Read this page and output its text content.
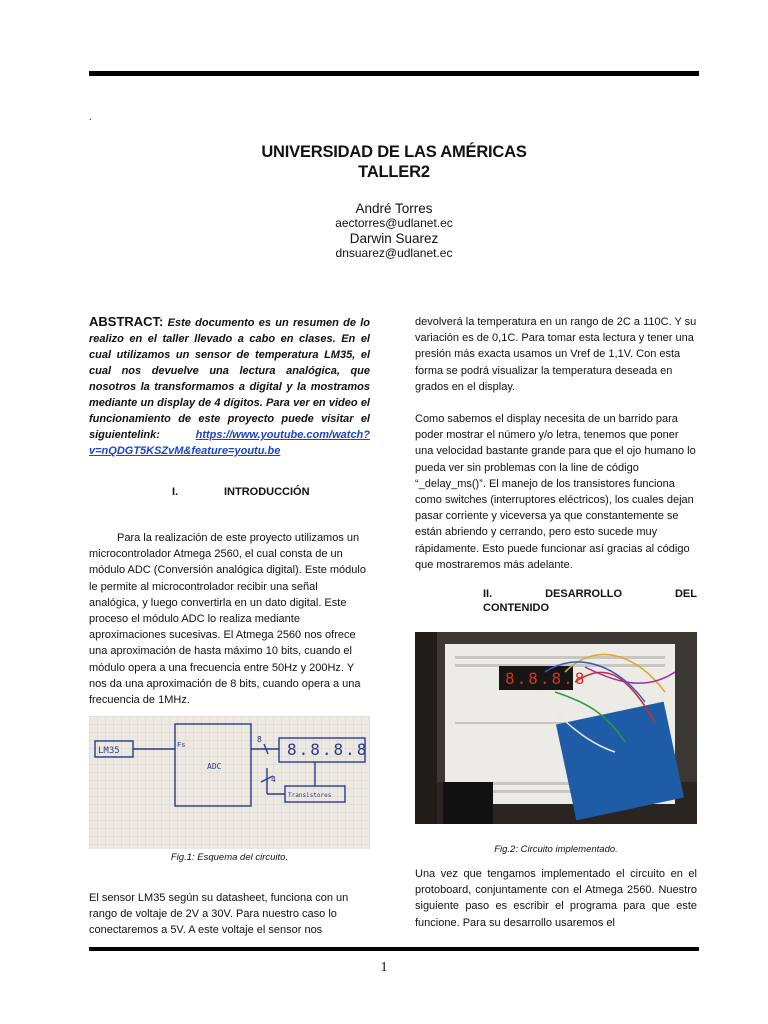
.
UNIVERSIDAD DE LAS AMÉRICAS
TALLER2
André Torres
aectorres@udlanet.ec
Darwin Suarez
dnsuarez@udlanet.ec
ABSTRACT: Este documento es un resumen de lo realizo en el taller llevado a cabo en clases. En el cual utilizamos un sensor de temperatura LM35, el cual nos devuelve una lectura analógica, que nosotros la transformamos a digital y la mostramos mediante un display de 4 dígitos. Para ver en video el funcionamiento de este proyecto puede visitar el siguientelink:	https://www.youtube.com/watch?v=nQDGT5KSZvM&feature=youtu.be
I.	INTRODUCCIÓN
Para la realización de este proyecto utilizamos un microcontrolador Atmega 2560, el cual consta de un módulo ADC (Conversión analógica digital). Este módulo le permite al microcontrolador recibir una señal analógica, y luego convertirla en un dato digital. Este proceso el módulo ADC lo realiza mediante aproximaciones sucesivas. El Atmega 2560 nos ofrece una aproximación de hasta máximo 10 bits, cuando el módulo opera a una frecuencia entre 50Hz y 200Hz. Y nos da una aproximación de 8 bits, cuando opera a una frecuencia de 1MHz.
LM35
Fs
ADC
8
4
8.8.8.8
Transistores
Fig.1: Esquema del circuito.
El sensor LM35 según su datasheet, funciona con un rango de voltaje de 2V a 30V. Para nuestro caso lo conectaremos a 5V. A este voltaje el sensor nos
devolverá la temperatura en un rango de 2C a 110C. Y su variación es de 0,1C. Para tomar esta lectura y tener una presión más exacta usamos un Vref de 1,1V. Con esta forma se podrá visualizar la temperatura deseada en grados en el display.
Como sabemos el display necesita de un barrido para poder mostrar el número y/o letra, tenemos que poner una velocidad bastante grande para que el ojo humano lo pueda ver sin problemas con la line de código “_delay_ms()”. El manejo de los transistores funciona como switches (interruptores eléctricos), los cuales dejan pasar corriente y viceversa ya que constantemente se están abriendo y cerrando, pero esto sucede muy rápidamente. Esto puede funcionar así gracias al código que mostraremos más adelante.
II.	DESARROLLO	DEL
CONTENIDO
8.8.8.8
Fig.2: Circuito implementado.
Una vez que tengamos implementado el circuito en el protoboard, conjuntamente con el Atmega 2560. Nuestro siguiente paso es escribir el programa para que este funcione. Para su desarrollo usaremos el
1
